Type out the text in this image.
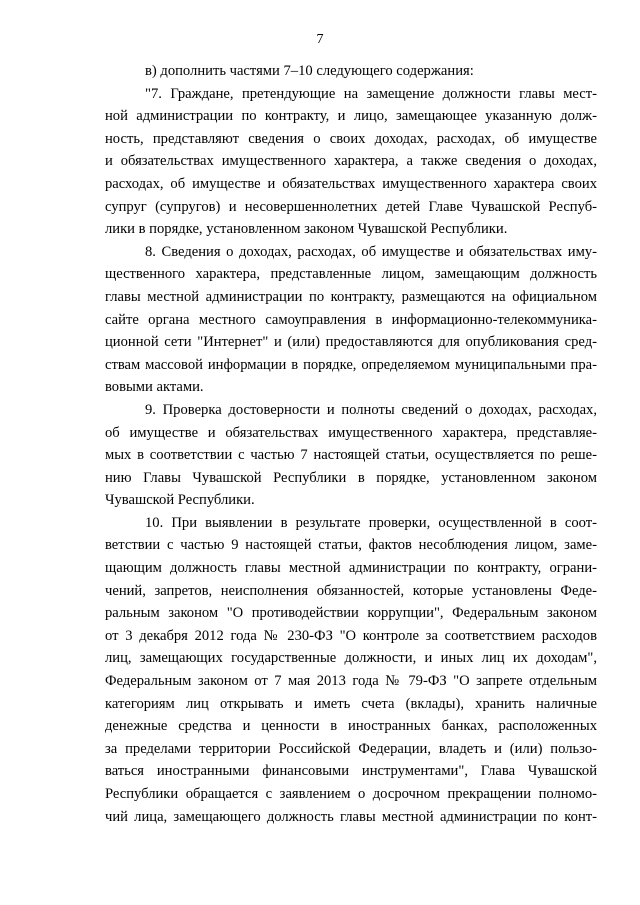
7
в) дополнить частями 7–10 следующего содержания:
"7. Граждане, претендующие на замещение должности главы мест-
ной администрации по контракту, и лицо, замещающее указанную долж-
ность, представляют сведения о своих доходах, расходах, об имуществе
и обязательствах имущественного характера, а также сведения о доходах,
расходах, об имуществе и обязательствах имущественного характера своих
супруг (супругов) и несовершеннолетних детей Главе Чувашской Респуб-
лики в порядке, установленном законом Чувашской Республики.
8. Сведения о доходах, расходах, об имуществе и обязательствах иму-
щественного характера, представленные лицом, замещающим должность
главы местной администрации по контракту, размещаются на официальном
сайте органа местного самоуправления в информационно-телекоммуника-
ционной сети "Интернет" и (или) предоставляются для опубликования сред-
ствам массовой информации в порядке, определяемом муниципальными пра-
вовыми актами.
9. Проверка достоверности и полноты сведений о доходах, расходах,
об имуществе и обязательствах имущественного характера, представляе-
мых в соответствии с частью 7 настоящей статьи, осуществляется по реше-
нию Главы Чувашской Республики в порядке, установленном законом
Чувашской Республики.
10. При выявлении в результате проверки, осуществленной в соот-
ветствии с частью 9 настоящей статьи, фактов несоблюдения лицом, заме-
щающим должность главы местной администрации по контракту, ограни-
чений, запретов, неисполнения обязанностей, которые установлены Феде-
ральным законом "О противодействии коррупции", Федеральным законом
от 3 декабря 2012 года № 230-ФЗ "О контроле за соответствием расходов
лиц, замещающих государственные должности, и иных лиц их доходам",
Федеральным законом от 7 мая 2013 года № 79-ФЗ "О запрете отдельным
категориям лиц открывать и иметь счета (вклады), хранить наличные
денежные средства и ценности в иностранных банках, расположенных
за пределами территории Российской Федерации, владеть и (или) пользо-
ваться иностранными финансовыми инструментами", Глава Чувашской
Республики обращается с заявлением о досрочном прекращении полномо-
чий лица, замещающего должность главы местной администрации по конт-
